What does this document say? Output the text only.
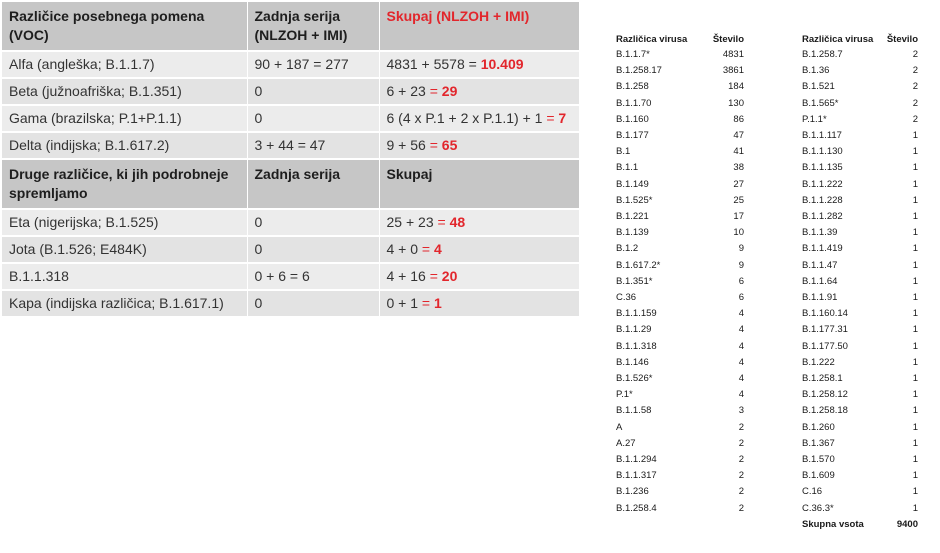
Različice posebnega pomena (VOC)	Zadnja serija (NLZOH + IMI)	Skupaj (NLZOH + IMI)
Alfa (angleška; B.1.1.7)	90 + 187 = 277	4831 + 5578 = 10.409
Beta (južnoafriška; B.1.351)	0	6 + 23 = 29
Gama (brazilska; P.1+P.1.1)	0	6 (4 x P.1 + 2 x P.1.1) + 1 = 7
Delta (indijska; B.1.617.2)	3 + 44 = 47	9 + 56 = 65
Druge različice, ki jih podrobneje spremljamo	Zadnja serija	Skupaj
Eta (nigerijska; B.1.525)	0	25 + 23 = 48
Jota (B.1.526; E484K)	0	4 + 0 = 4
B.1.1.318	0 + 6 = 6	4 + 16 = 20
Kapa (indijska različica; B.1.617.1)	0	0 + 1 = 1
Različica virusa	Število
B.1.1.7*	4831
B.1.258.17	3861
B.1.258	184
B.1.1.70	130
B.1.160	86
B.1.177	47
B.1	41
B.1.1	38
B.1.149	27
B.1.525*	25
B.1.221	17
B.1.139	10
B.1.2	9
B.1.617.2*	9
B.1.351*	6
C.36	6
B.1.1.159	4
B.1.1.29	4
B.1.1.318	4
B.1.146	4
B.1.526*	4
P.1*	4
B.1.1.58	3
A	2
A.27	2
B.1.1.294	2
B.1.1.317	2
B.1.236	2
B.1.258.4	2
Različica virusa	Število
B.1.258.7	2
B.1.36	2
B.1.521	2
B.1.565*	2
P.1.1*	2
B.1.1.117	1
B.1.1.130	1
B.1.1.135	1
B.1.1.222	1
B.1.1.228	1
B.1.1.282	1
B.1.1.39	1
B.1.1.419	1
B.1.1.47	1
B.1.1.64	1
B.1.1.91	1
B.1.160.14	1
B.1.177.31	1
B.1.177.50	1
B.1.222	1
B.1.258.1	1
B.1.258.12	1
B.1.258.18	1
B.1.260	1
B.1.367	1
B.1.570	1
B.1.609	1
C.16	1
C.36.3*	1
Skupna vsota	9400
